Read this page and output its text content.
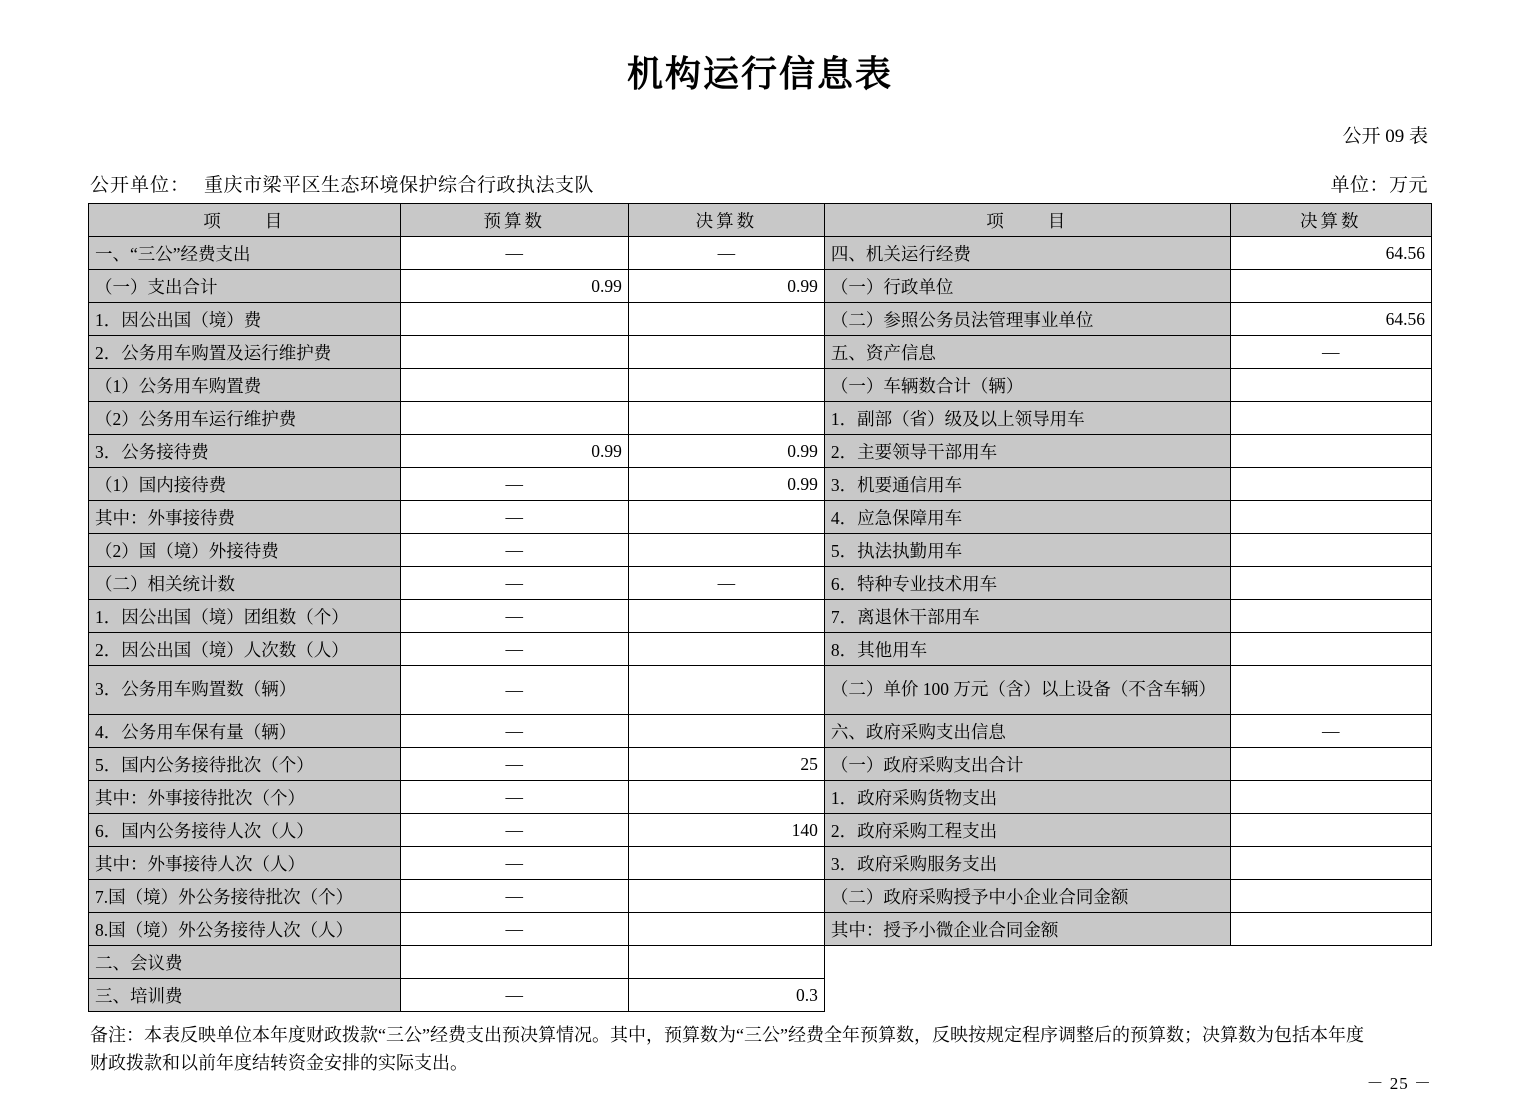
机构运行信息表
公开 09 表
公开单位： 重庆市梁平区生态环境保护综合行政执法支队	单位：万元
项　　目	预算数	决算数	项　　目	决算数
一、“三公”经费支出	—	—	四、机关运行经费	64.56
（一）支出合计	0.99	0.99	（一）行政单位	
1．因公出国（境）费			（二）参照公务员法管理事业单位	64.56
2．公务用车购置及运行维护费			五、资产信息	—
（1）公务用车购置费			（一）车辆数合计（辆）	
（2）公务用车运行维护费			1．副部（省）级及以上领导用车	
3．公务接待费	0.99	0.99	2．主要领导干部用车	
（1）国内接待费	—	0.99	3．机要通信用车	
其中：外事接待费	—		4．应急保障用车	
（2）国（境）外接待费	—		5．执法执勤用车	
（二）相关统计数	—	—	6．特种专业技术用车	
1．因公出国（境）团组数（个）	—		7．离退休干部用车	
2．因公出国（境）人次数（人）	—		8．其他用车	
3．公务用车购置数（辆）	—		（二）单价 100 万元（含）以上设备（不含车辆）	
4．公务用车保有量（辆）	—		六、政府采购支出信息	—
5．国内公务接待批次（个）	—	25	（一）政府采购支出合计	
其中：外事接待批次（个）	—		1．政府采购货物支出	
6．国内公务接待人次（人）	—	140	2．政府采购工程支出	
其中：外事接待人次（人）	—		3．政府采购服务支出	
7.国（境）外公务接待批次（个）	—		（二）政府采购授予中小企业合同金额	
8.国（境）外公务接待人次（人）	—		其中：授予小微企业合同金额	
二、会议费				
三、培训费	—	0.3		
备注：本表反映单位本年度财政拨款“三公”经费支出预决算情况。其中，预算数为“三公”经费全年预算数，反映按规定程序调整后的预算数；决算数为包括本年度
财政拨款和以前年度结转资金安排的实际支出。
－ 25 －
